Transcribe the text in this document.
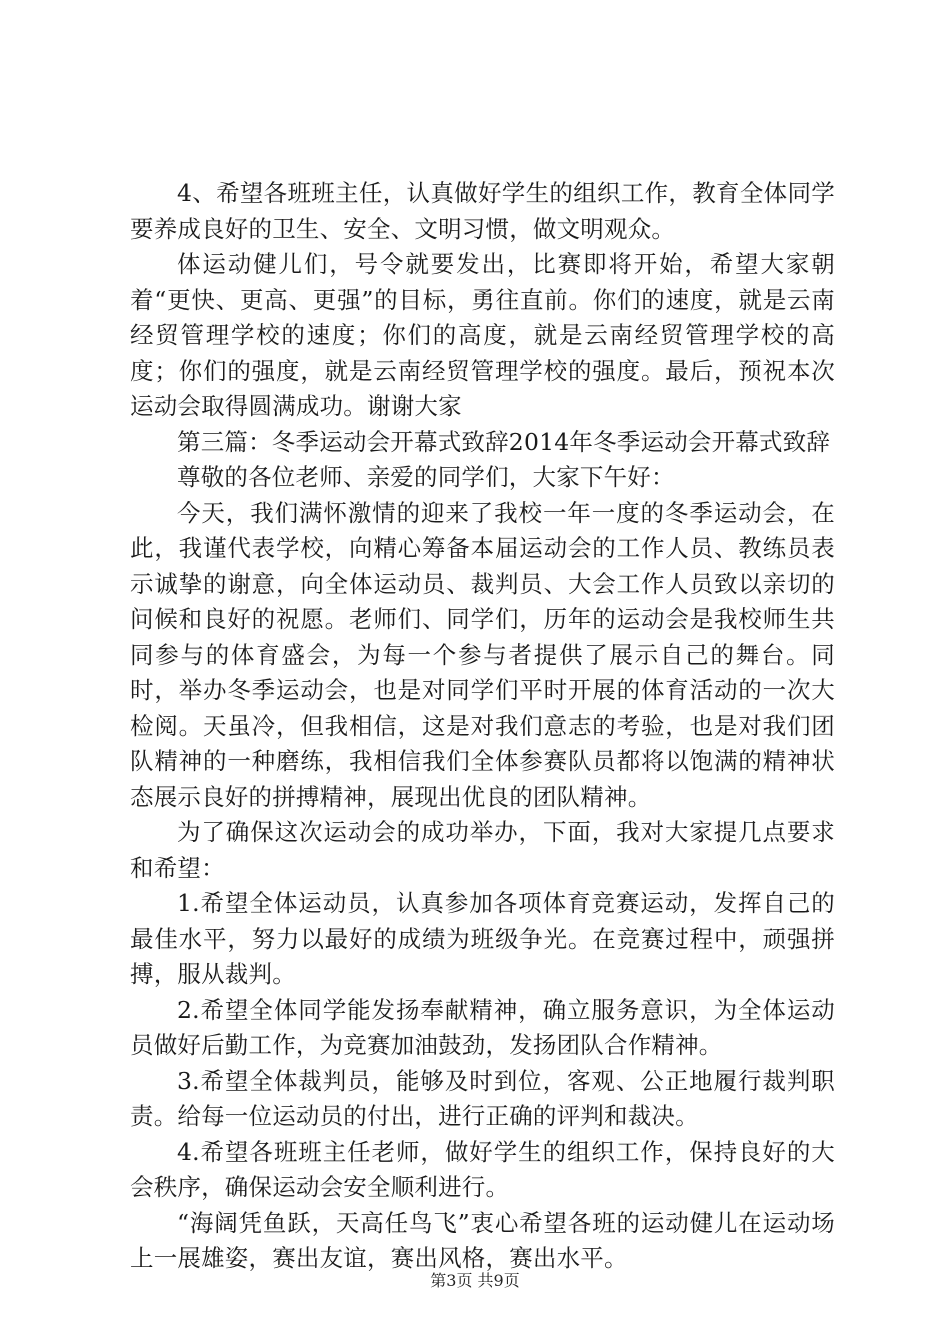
4、希望各班班主任，认真做好学生的组织工作，教育全体同学要养成良好的卫生、安全、文明习惯，做文明观众。

体运动健儿们，号令就要发出，比赛即将开始，希望大家朝着“更快、更高、更强”的目标，勇往直前。你们的速度，就是云南经贸管理学校的速度；你们的高度，就是云南经贸管理学校的高度；你们的强度，就是云南经贸管理学校的强度。最后，预祝本次运动会取得圆满成功。谢谢大家

第三篇：冬季运动会开幕式致辞2014年冬季运动会开幕式致辞

尊敬的各位老师、亲爱的同学们，大家下午好：

今天，我们满怀激情的迎来了我校一年一度的冬季运动会，在此，我谨代表学校，向精心筹备本届运动会的工作人员、教练员表示诚挚的谢意，向全体运动员、裁判员、大会工作人员致以亲切的问候和良好的祝愿。老师们、同学们，历年的运动会是我校师生共同参与的体育盛会，为每一个参与者提供了展示自己的舞台。同时，举办冬季运动会，也是对同学们平时开展的体育活动的一次大检阅。天虽冷，但我相信，这是对我们意志的考验，也是对我们团队精神的一种磨练，我相信我们全体参赛队员都将以饱满的精神状态展示良好的拼搏精神，展现出优良的团队精神。

为了确保这次运动会的成功举办，下面，我对大家提几点要求和希望：

1.希望全体运动员，认真参加各项体育竞赛运动，发挥自己的最佳水平，努力以最好的成绩为班级争光。在竞赛过程中，顽强拼搏，服从裁判。

2.希望全体同学能发扬奉献精神，确立服务意识，为全体运动员做好后勤工作，为竞赛加油鼓劲，发扬团队合作精神。

3.希望全体裁判员，能够及时到位，客观、公正地履行裁判职责。给每一位运动员的付出，进行正确的评判和裁决。

4.希望各班班主任老师，做好学生的组织工作，保持良好的大会秩序，确保运动会安全顺利进行。

“海阔凭鱼跃，天高任鸟飞”衷心希望各班的运动健儿在运动场上一展雄姿，赛出友谊，赛出风格，赛出水平。

第3页 共9页
